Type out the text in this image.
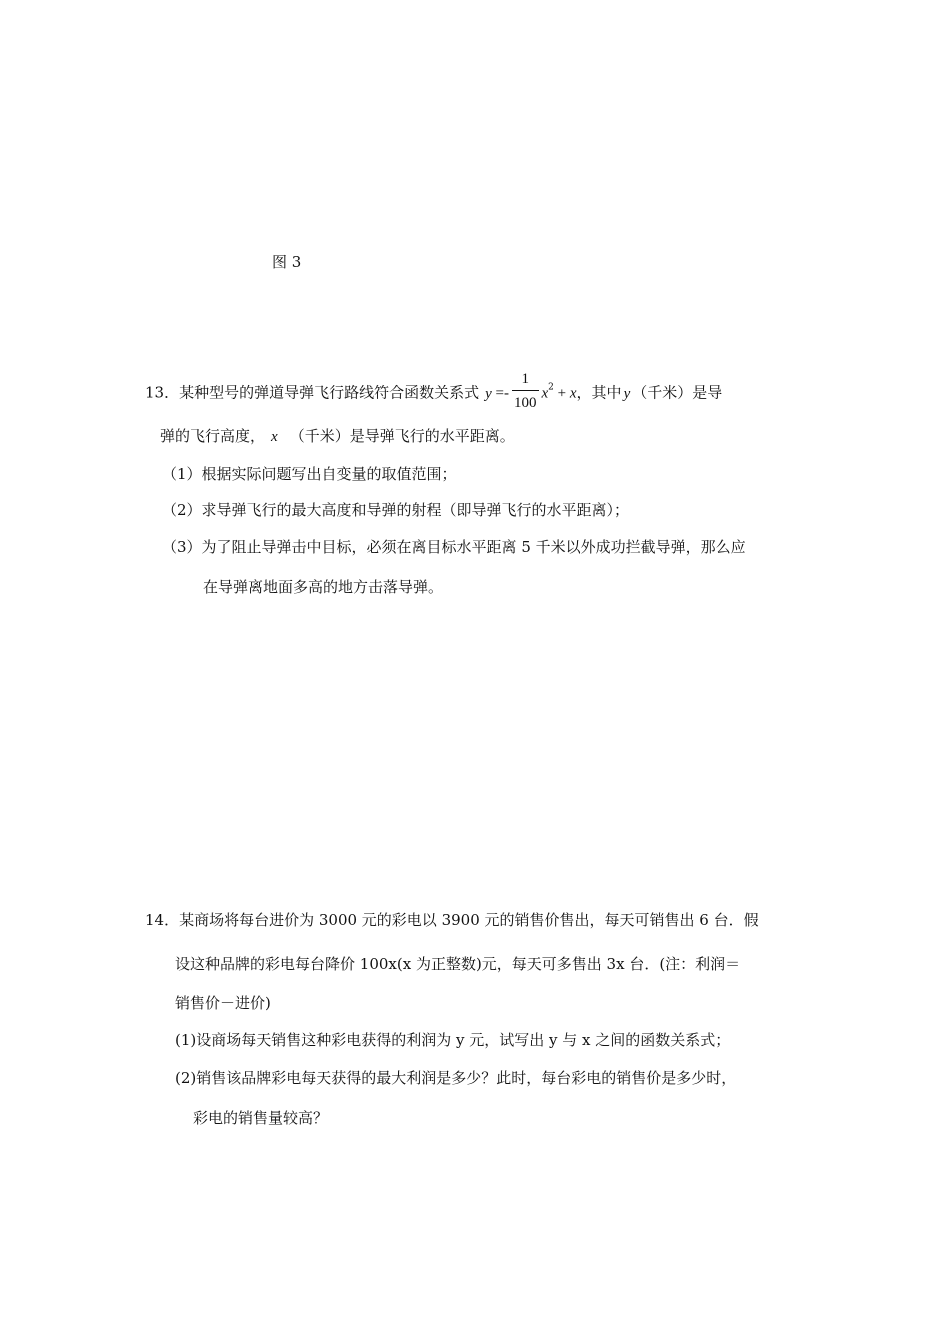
图 3
13．某种型号的弹道导弹飞行路线符合函数关系式 $y =- \frac{1}{100} x^2 + x$，其中 y （千米）是导
弹的飞行高度， x （千米）是导弹飞行的水平距离。
（1）根据实际问题写出自变量的取值范围；
（2）求导弹飞行的最大高度和导弹的射程（即导弹飞行的水平距离）；
（3）为了阻止导弹击中目标，必须在离目标水平距离 5 千米以外成功拦截导弹，那么应
在导弹离地面多高的地方击落导弹。
14．某商场将每台进价为 3000 元的彩电以 3900 元的销售价售出，每天可销售出 6 台．假
设这种品牌的彩电每台降价 100x(x 为正整数)元，每天可多售出 3x 台．(注：利润＝
销售价－进价)
(1)设商场每天销售这种彩电获得的利润为 y 元，试写出 y 与 x 之间的函数关系式；
(2)销售该品牌彩电每天获得的最大利润是多少？此时，每台彩电的销售价是多少时，
彩电的销售量较高？
